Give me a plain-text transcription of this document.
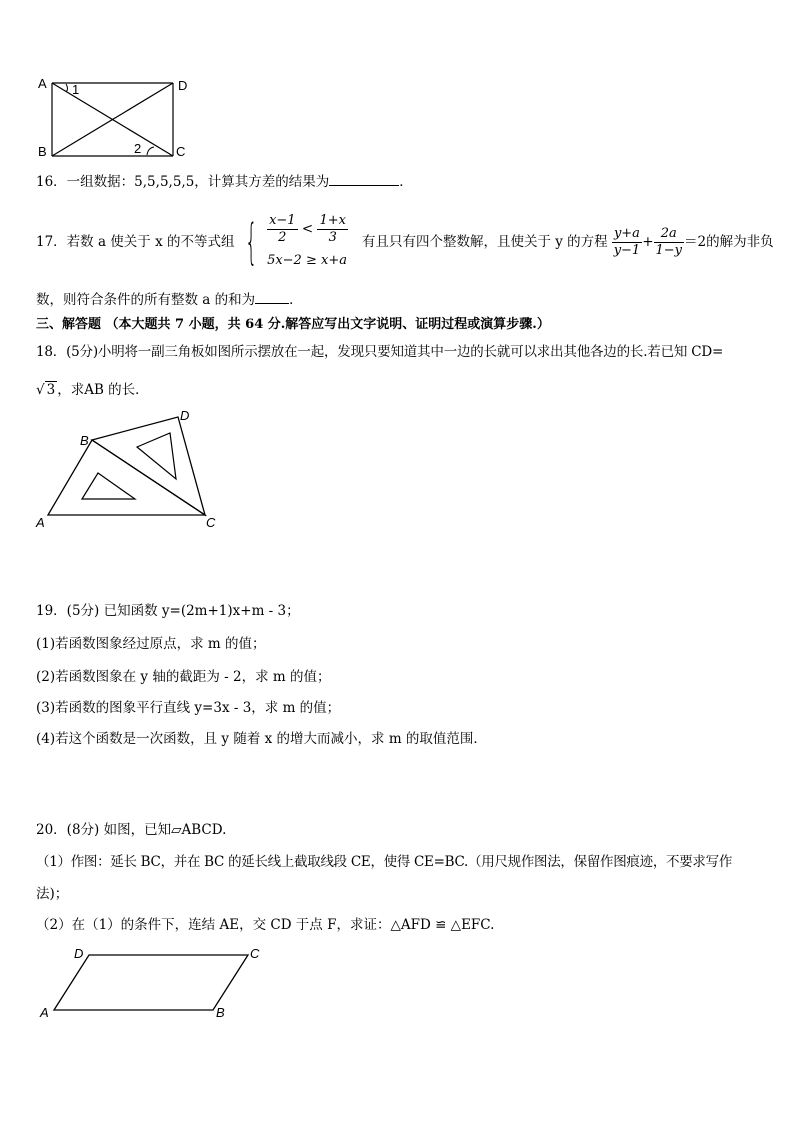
A
B	C
D
1
2
16．一组数据：5,5,5,5,5，计算其方差的结果为	．
17．若数 a 使关于 x 的不等式组 { $\frac{x-1}{2} < \frac{1+x}{3}$
5x−2 ≥ x+a
有且只有四个整数解，且使关于 y 的方程 $\frac{y+a}{y-1} + \frac{2a}{1-y} =2$ 的解为非负
数，则符合条件的所有整数 a 的和为	．
三、解答题 （本大题共 7 小题，共 64 分.解答应写出文字说明、证明过程或演算步骤.）
18．(5分)小明将一副三角板如图所示摆放在一起，发现只要知道其中一边的长就可以求出其他各边的长.若已知 CD=
√ 3 ，求AB 的长．
A
B
C
D
19．(5分) 已知函数 y=(2m+1)x+m - 3；
(1)若函数图象经过原点，求 m 的值；
(2)若函数图象在 y 轴的截距为 - 2，求 m 的值；
(3)若函数的图象平行直线 y=3x - 3，求 m 的值；
(4)若这个函数是一次函数，且 y 随着 x 的增大而减小，求 m 的取值范围．
20．(8分) 如图，已知▱ABCD.
（1）作图：延长 BC，并在 BC 的延长线上截取线段 CE，使得 CE=BC.（用尺规作图法，保留作图痕迹，不要求写作
法)；
（2）在（1）的条件下，连结 AE，交 CD 于点 F，求证：△AFD ≌ △EFC.
A	B
C
D
